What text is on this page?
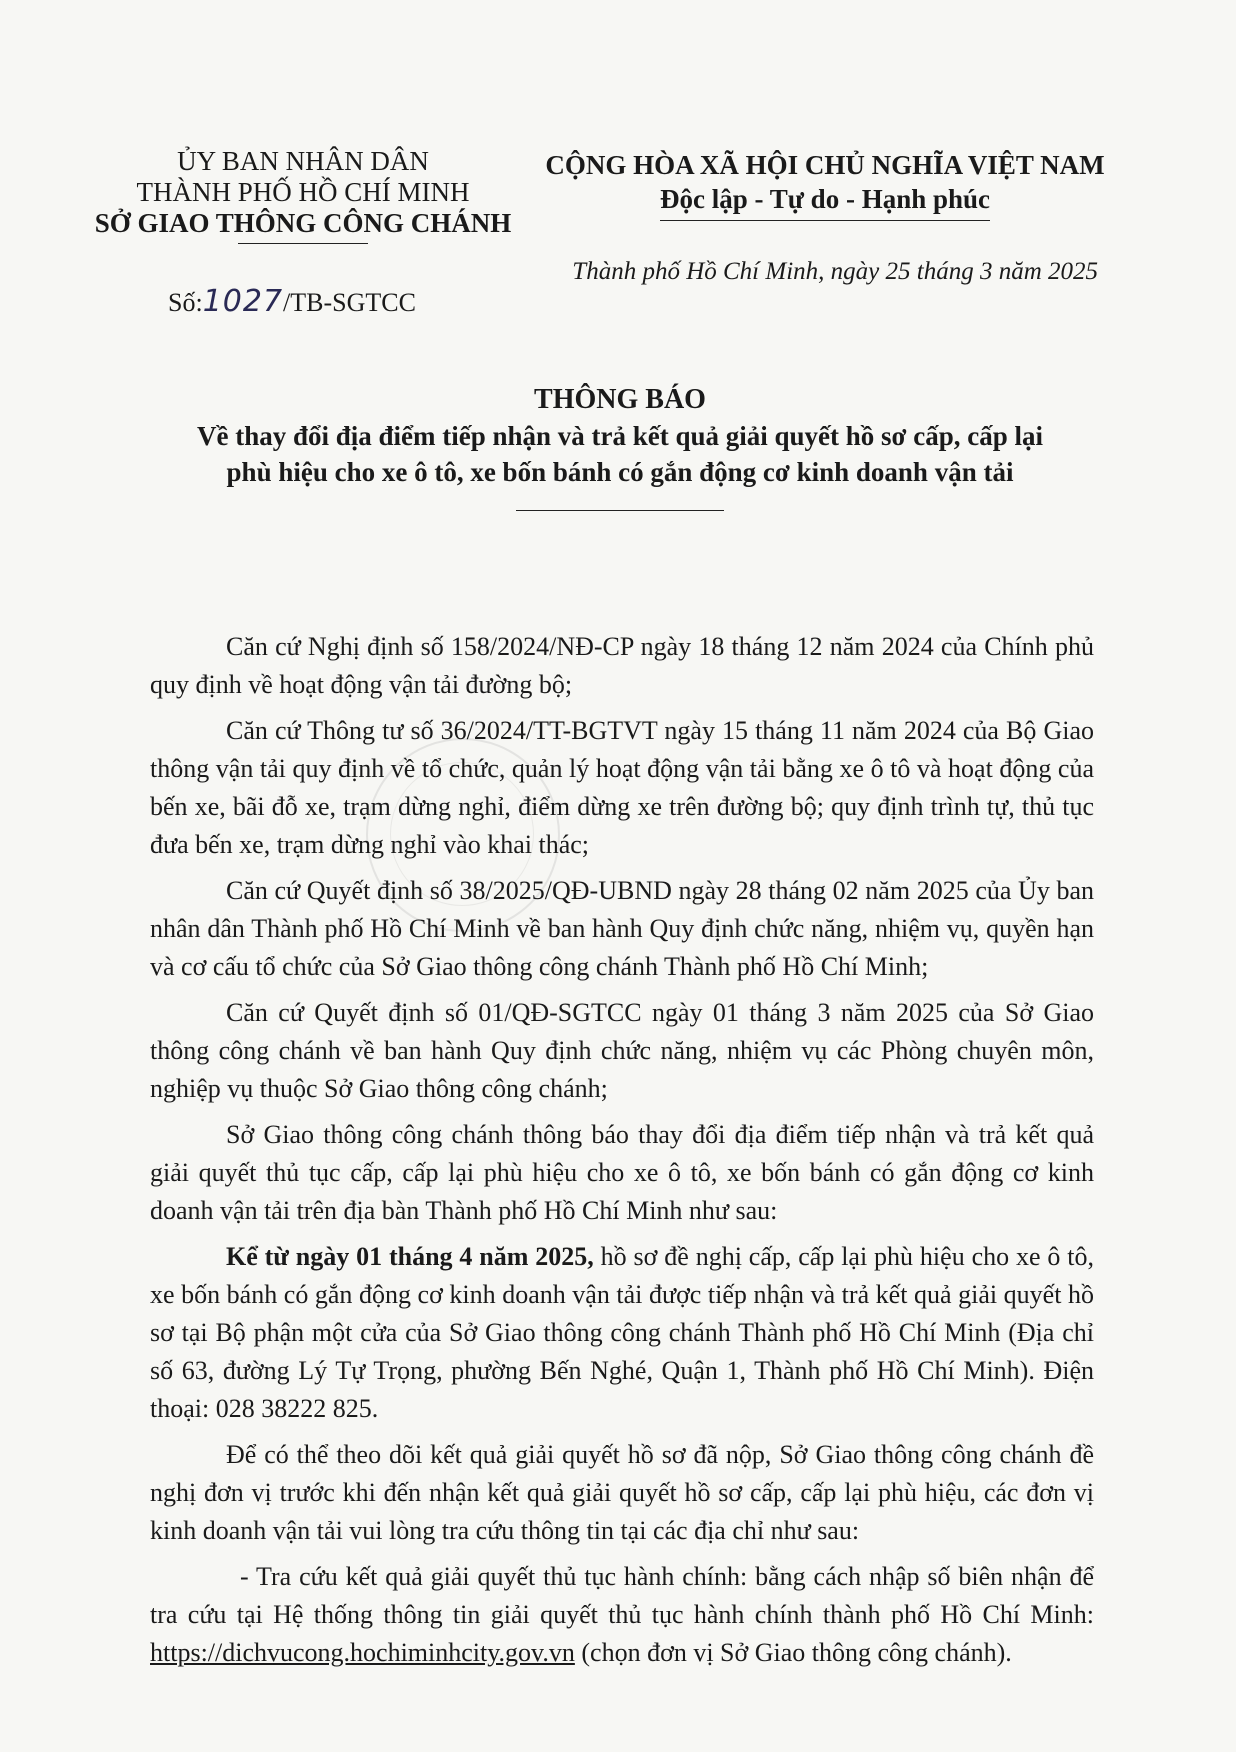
ỦY BAN NHÂN DÂN
THÀNH PHỐ HỒ CHÍ MINH
SỞ GIAO THÔNG CÔNG CHÁNH
Số:1027/TB-SGTCC
CỘNG HÒA XÃ HỘI CHỦ NGHĨA VIỆT NAM
Độc lập - Tự do - Hạnh phúc
Thành phố Hồ Chí Minh, ngày 25 tháng 3 năm 2025
THÔNG BÁO
Về thay đổi địa điểm tiếp nhận và trả kết quả giải quyết hồ sơ cấp, cấp lại
phù hiệu cho xe ô tô, xe bốn bánh có gắn động cơ kinh doanh vận tải

Căn cứ Nghị định số 158/2024/NĐ-CP ngày 18 tháng 12 năm 2024 của Chính phủ quy định về hoạt động vận tải đường bộ;

Căn cứ Thông tư số 36/2024/TT-BGTVT ngày 15 tháng 11 năm 2024 của Bộ Giao thông vận tải quy định về tổ chức, quản lý hoạt động vận tải bằng xe ô tô và hoạt động của bến xe, bãi đỗ xe, trạm dừng nghỉ, điểm dừng xe trên đường bộ; quy định trình tự, thủ tục đưa bến xe, trạm dừng nghỉ vào khai thác;

Căn cứ Quyết định số 38/2025/QĐ-UBND ngày 28 tháng 02 năm 2025 của Ủy ban nhân dân Thành phố Hồ Chí Minh về ban hành Quy định chức năng, nhiệm vụ, quyền hạn và cơ cấu tổ chức của Sở Giao thông công chánh Thành phố Hồ Chí Minh;

Căn cứ Quyết định số 01/QĐ-SGTCC ngày 01 tháng 3 năm 2025 của Sở Giao thông công chánh về ban hành Quy định chức năng, nhiệm vụ các Phòng chuyên môn, nghiệp vụ thuộc Sở Giao thông công chánh;

Sở Giao thông công chánh thông báo thay đổi địa điểm tiếp nhận và trả kết quả giải quyết thủ tục cấp, cấp lại phù hiệu cho xe ô tô, xe bốn bánh có gắn động cơ kinh doanh vận tải trên địa bàn Thành phố Hồ Chí Minh như sau:

Kể từ ngày 01 tháng 4 năm 2025, hồ sơ đề nghị cấp, cấp lại phù hiệu cho xe ô tô, xe bốn bánh có gắn động cơ kinh doanh vận tải được tiếp nhận và trả kết quả giải quyết hồ sơ tại Bộ phận một cửa của Sở Giao thông công chánh Thành phố Hồ Chí Minh (Địa chỉ số 63, đường Lý Tự Trọng, phường Bến Nghé, Quận 1, Thành phố Hồ Chí Minh). Điện thoại: 028 38222 825.

Để có thể theo dõi kết quả giải quyết hồ sơ đã nộp, Sở Giao thông công chánh đề nghị đơn vị trước khi đến nhận kết quả giải quyết hồ sơ cấp, cấp lại phù hiệu, các đơn vị kinh doanh vận tải vui lòng tra cứu thông tin tại các địa chỉ như sau:

- Tra cứu kết quả giải quyết thủ tục hành chính: bằng cách nhập số biên nhận để tra cứu tại Hệ thống thông tin giải quyết thủ tục hành chính thành phố Hồ Chí Minh: https://dichvucong.hochiminhcity.gov.vn (chọn đơn vị Sở Giao thông công chánh).
